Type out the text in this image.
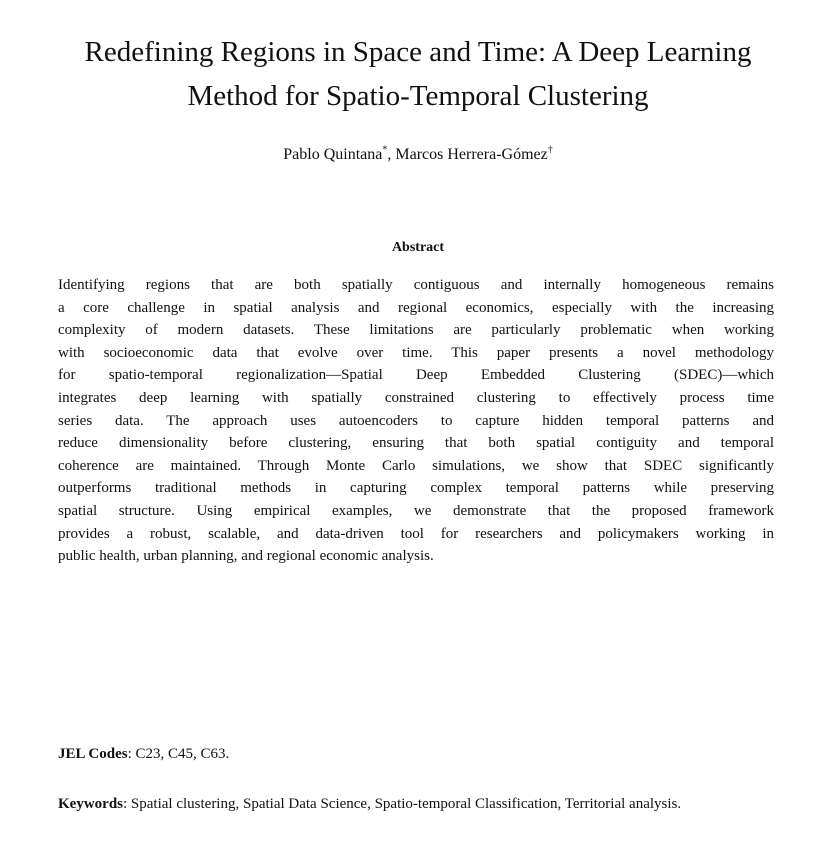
Redefining Regions in Space and Time: A Deep Learning
Method for Spatio-Temporal Clustering
Pablo Quintana*, Marcos Herrera-Gómez†
Abstract
Identifying regions that are both spatially contiguous and internally homogeneous remains
a core challenge in spatial analysis and regional economics, especially with the increasing
complexity of modern datasets. These limitations are particularly problematic when working
with socioeconomic data that evolve over time. This paper presents a novel methodology
for spatio-temporal regionalization—Spatial Deep Embedded Clustering (SDEC)—which
integrates deep learning with spatially constrained clustering to effectively process time
series data. The approach uses autoencoders to capture hidden temporal patterns and
reduce dimensionality before clustering, ensuring that both spatial contiguity and temporal
coherence are maintained. Through Monte Carlo simulations, we show that SDEC significantly
outperforms traditional methods in capturing complex temporal patterns while preserving
spatial structure. Using empirical examples, we demonstrate that the proposed framework
provides a robust, scalable, and data-driven tool for researchers and policymakers working in
public health, urban planning, and regional economic analysis.
JEL Codes: C23, C45, C63.
Keywords: Spatial clustering, Spatial Data Science, Spatio-temporal Classification, Territorial analysis.
